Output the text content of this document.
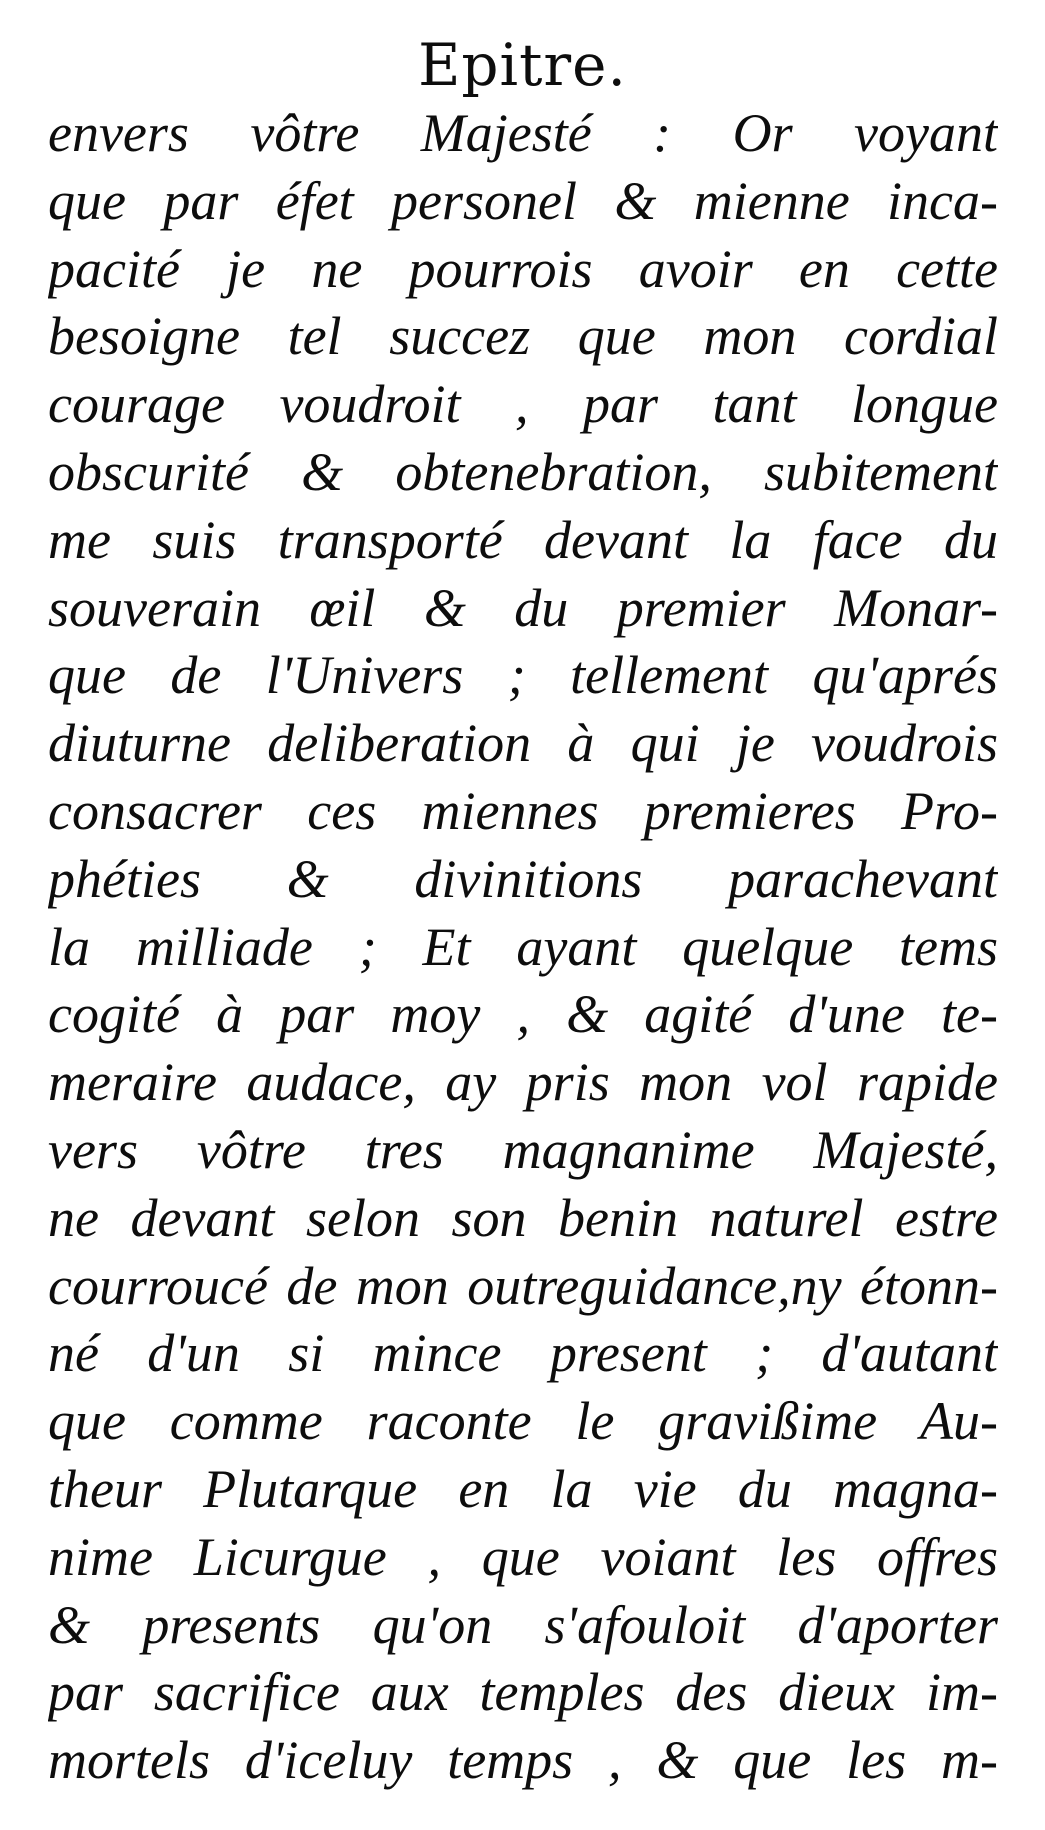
Epitre.
envers vôtre Majesté : Or voyant
que par éfet personel & mienne inca-
pacité je ne pourrois avoir en cette
besoigne tel succez que mon cordial
courage voudroit , par tant longue
obscurité & obtenebration, subitement
me suis transporté devant la face du
souverain œil & du premier Monar-
que de l'Univers ; tellement qu'aprés
diuturne deliberation à qui je voudrois
consacrer ces miennes premieres Pro-
phéties & divinitions parachevant
la milliade ; Et ayant quelque tems
cogité à par moy , & agité d'une te-
meraire audace, ay pris mon vol rapide
vers vôtre tres magnanime Majesté,
ne devant selon son benin naturel estre
courroucé de mon outreguidance,ny étonn-
né d'un si mince present ; d'autant
que comme raconte le gravißime Au-
theur Plutarque en la vie du magna-
nime Licurgue , que voiant les offres
& presents qu'on s'afouloit d'aporter
par sacrifice aux temples des dieux im-
mortels d'iceluy temps , & que les m-
